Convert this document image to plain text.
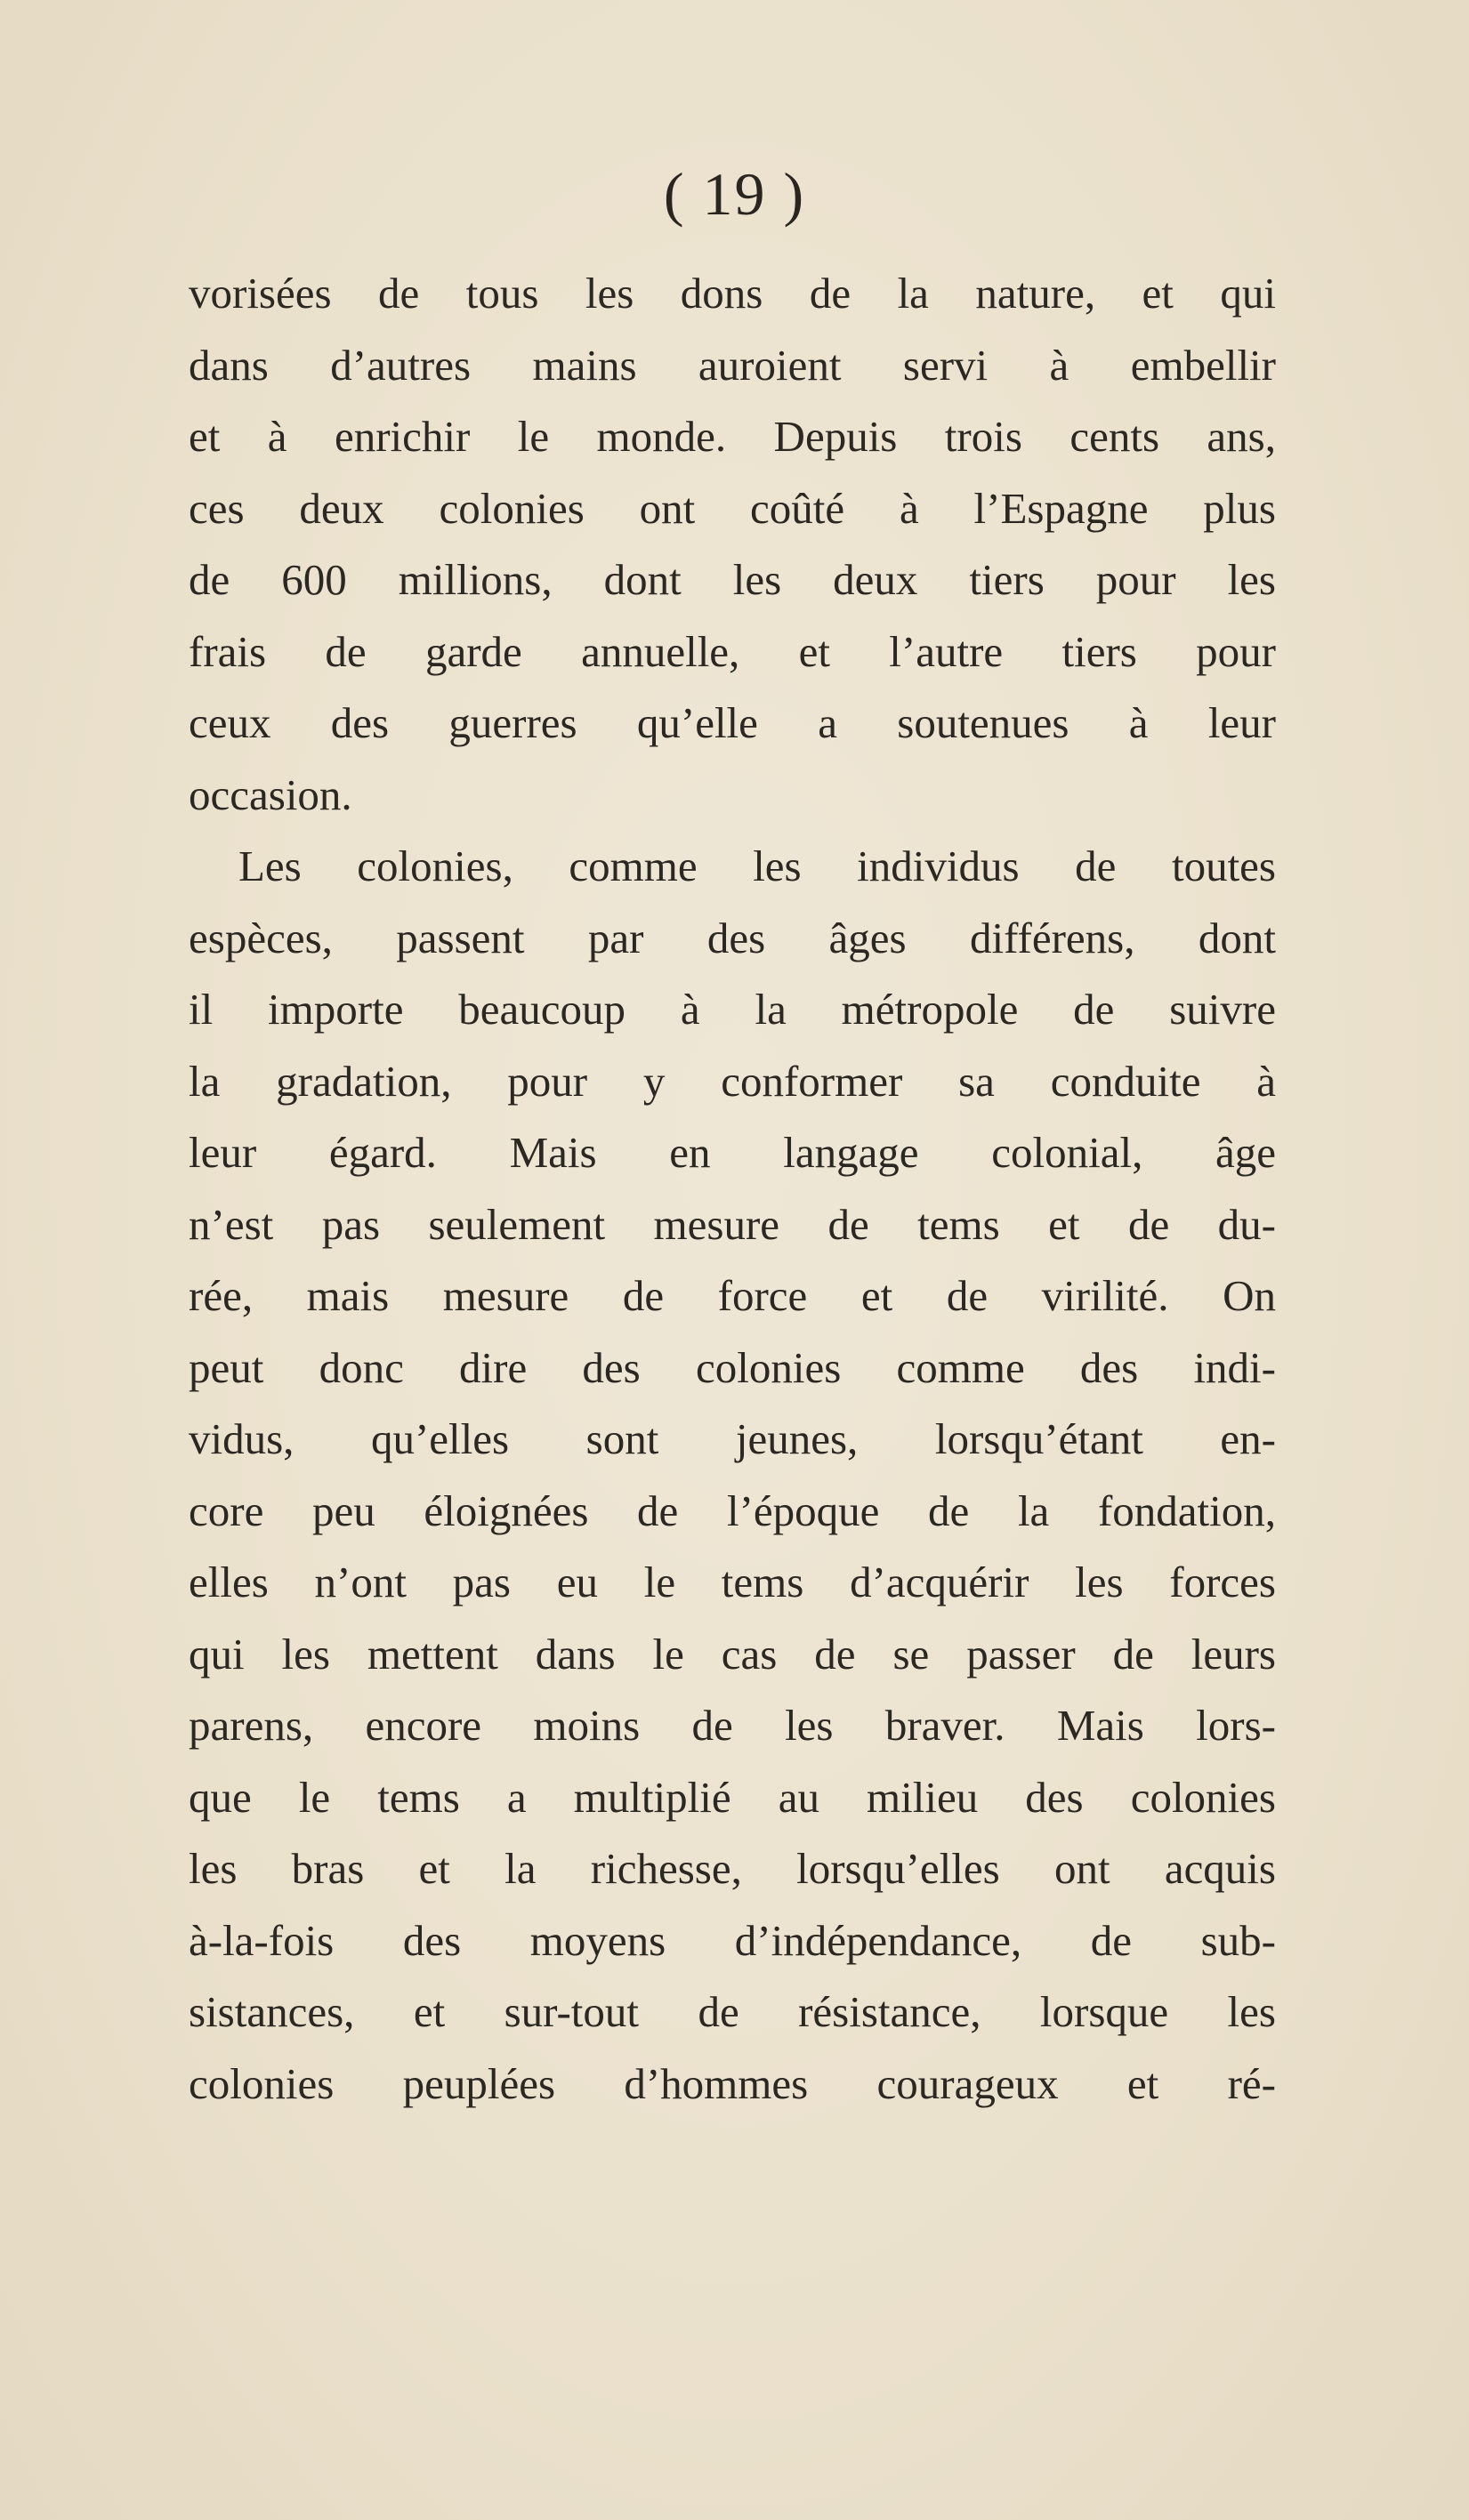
( 19 )
vorisées de tous les dons de la nature, et qui
dans d’autres mains auroient servi à embellir
et à enrichir le monde. Depuis trois cents ans,
ces deux colonies ont coûté à l’Espagne plus
de 600 millions, dont les deux tiers pour les
frais de garde annuelle, et l’autre tiers pour
ceux des guerres qu’elle a soutenues à leur
occasion.
Les colonies, comme les individus de toutes
espèces, passent par des âges différens, dont
il importe beaucoup à la métropole de suivre
la gradation, pour y conformer sa conduite à
leur égard. Mais en langage colonial, âge
n’est pas seulement mesure de tems et de du-
rée, mais mesure de force et de virilité. On
peut donc dire des colonies comme des indi-
vidus, qu’elles sont jeunes, lorsqu’étant en-
core peu éloignées de l’époque de la fondation,
elles n’ont pas eu le tems d’acquérir les forces
qui les mettent dans le cas de se passer de leurs
parens, encore moins de les braver. Mais lors-
que le tems a multiplié au milieu des colonies
les bras et la richesse, lorsqu’elles ont acquis
à-la-fois des moyens d’indépendance, de sub-
sistances, et sur-tout de résistance, lorsque les
colonies peuplées d’hommes courageux et ré-
